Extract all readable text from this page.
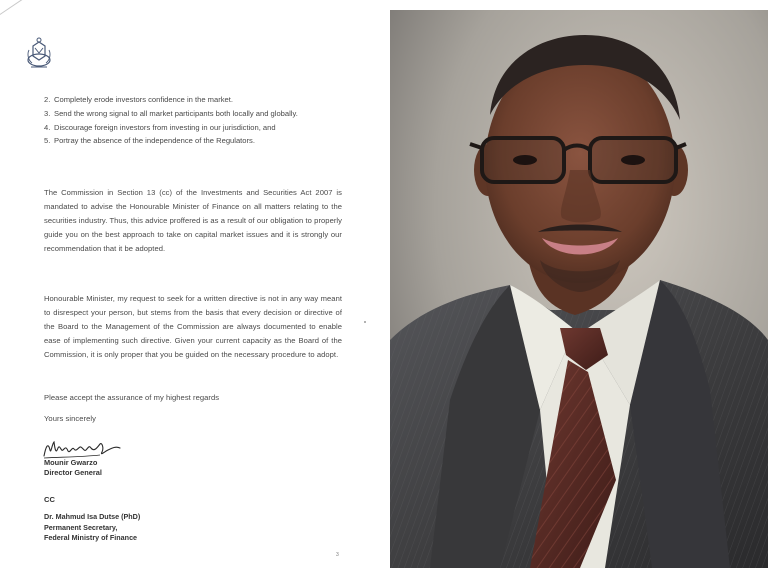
2. Completely erode investors confidence in the market.
3. Send the wrong signal to all market participants both locally and globally.
4. Discourage foreign investors from investing in our jurisdiction, and
5. Portray the absence of the independence of the Regulators.

The Commission in Section 13 (cc) of the Investments and Securities Act 2007 is mandated to advise the Honourable Minister of Finance on all matters relating to the securities industry. Thus, this advice proffered is as a result of our obligation to properly guide you on the best approach to take on capital market issues and it is strongly our recommendation that it be adopted.

Honourable Minister, my request to seek for a written directive is not in any way meant to disrespect your person, but stems from the basis that every decision or directive of the Board to the Management of the Commission are always documented to enable ease of implementing such directive. Given your current capacity as the Board of the Commission, it is only proper that you be guided on the necessary procedure to adopt.

Please accept the assurance of my highest regards

Yours sincerely

Mounir Gwarzo

Director General

CC

Dr. Mahmud Isa Dutse (PhD)

Permanent Secretary,

Federal Ministry of Finance

3
